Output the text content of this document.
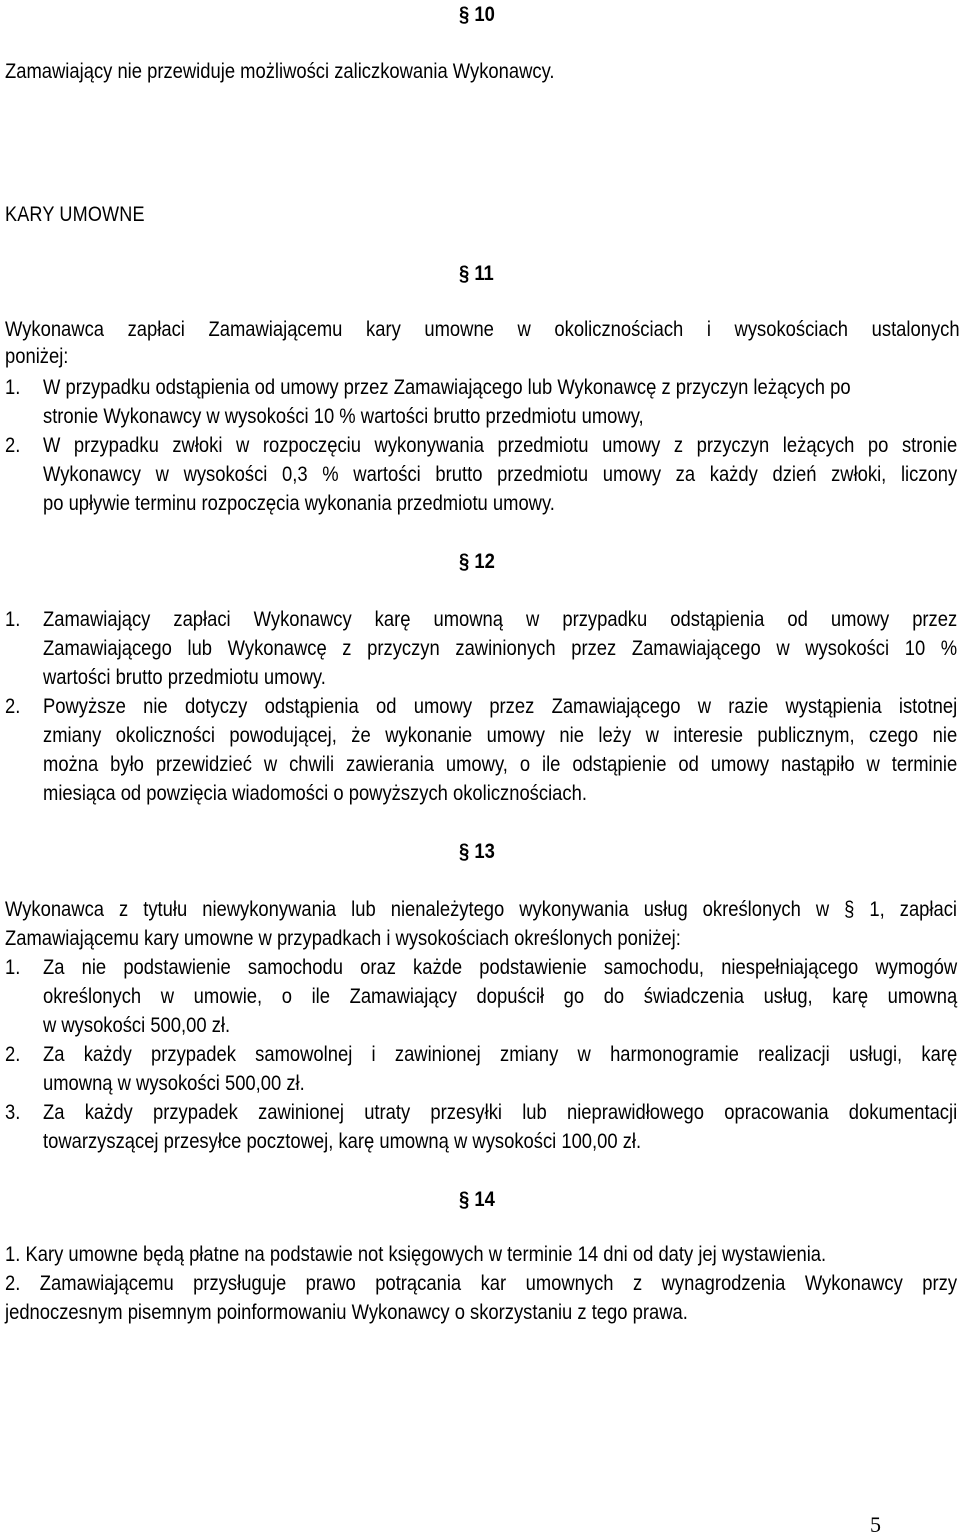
§ 10

Zamawiający nie przewiduje możliwości zaliczkowania Wykonawcy.

KARY UMOWNE

§ 11

Wykonawca zapłaci Zamawiającemu kary umowne w okolicznościach i wysokościach ustalonych

poniżej:

1. W przypadku odstąpienia od umowy przez Zamawiającego lub Wykonawcę z przyczyn leżących po

stronie Wykonawcy w wysokości 10 % wartości brutto przedmiotu umowy,

2. W przypadku zwłoki w rozpoczęciu wykonywania przedmiotu umowy z przyczyn leżących po stronie

Wykonawcy w wysokości 0,3 % wartości brutto przedmiotu umowy za każdy dzień zwłoki, liczony

po upływie terminu rozpoczęcia wykonania przedmiotu umowy.

§ 12

1. Zamawiający zapłaci Wykonawcy karę umowną w przypadku odstąpienia od umowy przez

Zamawiającego lub Wykonawcę z przyczyn zawinionych przez Zamawiającego w wysokości 10 %

wartości brutto przedmiotu umowy.

2. Powyższe nie dotyczy odstąpienia od umowy przez Zamawiającego w razie wystąpienia istotnej

zmiany okoliczności powodującej, że wykonanie umowy nie leży w interesie publicznym, czego nie

można było przewidzieć w chwili zawierania umowy, o ile odstąpienie od umowy nastąpiło w terminie

miesiąca od powzięcia wiadomości o powyższych okolicznościach.

§ 13

Wykonawca z tytułu niewykonywania lub nienależytego wykonywania usług określonych w § 1, zapłaci

Zamawiającemu kary umowne w przypadkach i wysokościach określonych poniżej:

1. Za nie podstawienie samochodu oraz każde podstawienie samochodu, niespełniającego wymogów

określonych w umowie, o ile Zamawiający dopuścił go do świadczenia usług, karę umowną

w wysokości 500,00 zł.

2. Za każdy przypadek samowolnej i zawinionej zmiany w harmonogramie realizacji usługi, karę

umowną w wysokości 500,00 zł.

3. Za każdy przypadek zawinionej utraty przesyłki lub nieprawidłowego opracowania dokumentacji

towarzyszącej przesyłce pocztowej, karę umowną w wysokości 100,00 zł.

§ 14

1. Kary umowne będą płatne na podstawie not księgowych w terminie 14 dni od daty jej wystawienia.

2. Zamawiającemu przysługuje prawo potrącania kar umownych z wynagrodzenia Wykonawcy przy

jednoczesnym pisemnym poinformowaniu Wykonawcy o skorzystaniu z tego prawa.

5
